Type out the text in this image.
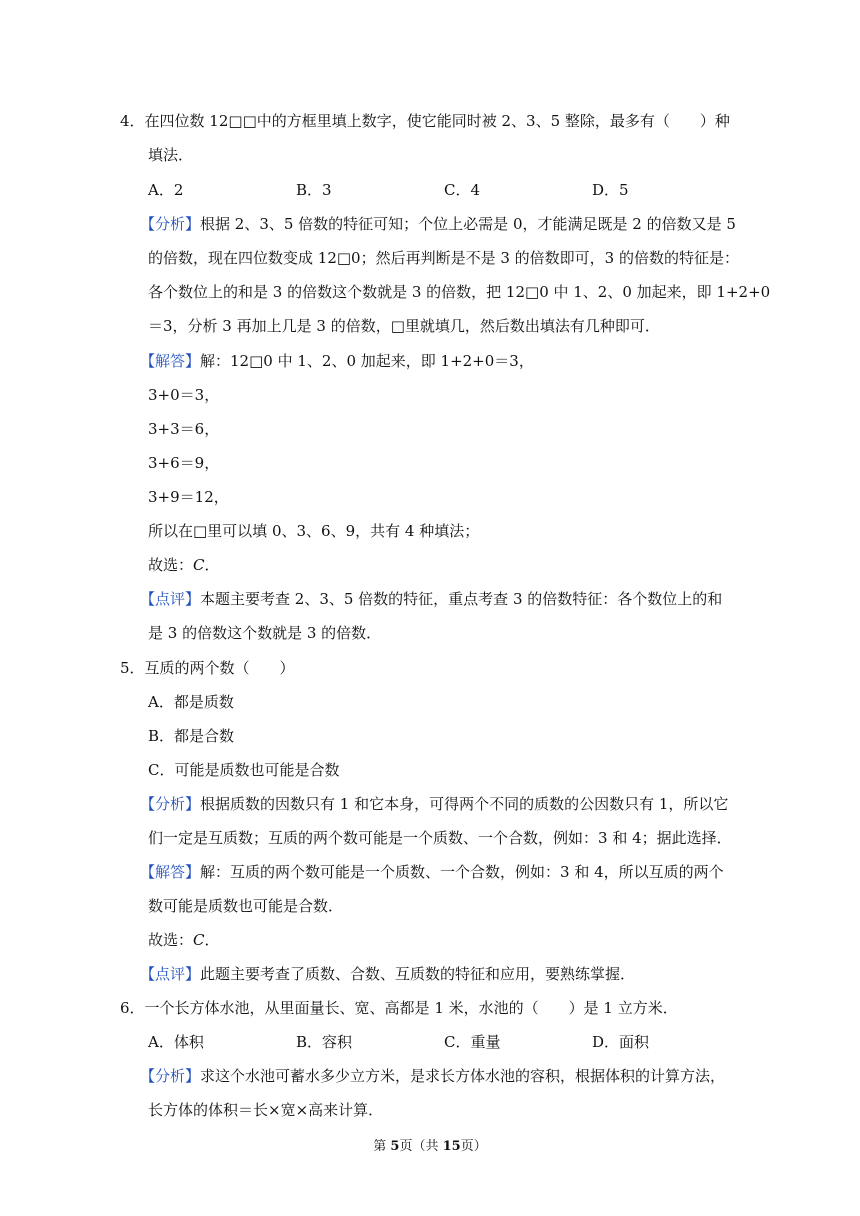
4．在四位数 12□□中的方框里填上数字，使它能同时被 2、3、5 整除，最多有（　　）种
填法．
A．2	B．3	C．4	D．5
【分析】根据 2、3、5 倍数的特征可知；个位上必需是 0，才能满足既是 2 的倍数又是 5
的倍数，现在四位数变成 12□0；然后再判断是不是 3 的倍数即可，3 的倍数的特征是：
各个数位上的和是 3 的倍数这个数就是 3 的倍数，把 12□0 中 1、2、0 加起来，即 1+2+0
＝3，分析 3 再加上几是 3 的倍数，□里就填几，然后数出填法有几种即可．
【解答】解：12□0 中 1、2、0 加起来，即 1+2+0＝3，
3+0＝3，
3+3＝6，
3+6＝9，
3+9＝12，
所以在□里可以填 0、3、6、9，共有 4 种填法；
故选：C．
【点评】本题主要考查 2、3、5 倍数的特征，重点考查 3 的倍数特征：各个数位上的和
是 3 的倍数这个数就是 3 的倍数．
5．互质的两个数（　　）
A．都是质数
B．都是合数
C．可能是质数也可能是合数
【分析】根据质数的因数只有 1 和它本身，可得两个不同的质数的公因数只有 1，所以它
们一定是互质数；互质的两个数可能是一个质数、一个合数，例如：3 和 4；据此选择．
【解答】解：互质的两个数可能是一个质数、一个合数，例如：3 和 4，所以互质的两个
数可能是质数也可能是合数．
故选：C．
【点评】此题主要考查了质数、合数、互质数的特征和应用，要熟练掌握．
6．一个长方体水池，从里面量长、宽、高都是 1 米，水池的（　　）是 1 立方米．
A．体积	B．容积	C．重量	D．面积
【分析】求这个水池可蓄水多少立方米，是求长方体水池的容积，根据体积的计算方法，
长方体的体积＝长×宽×高来计算．
第 5页（共 15页）
